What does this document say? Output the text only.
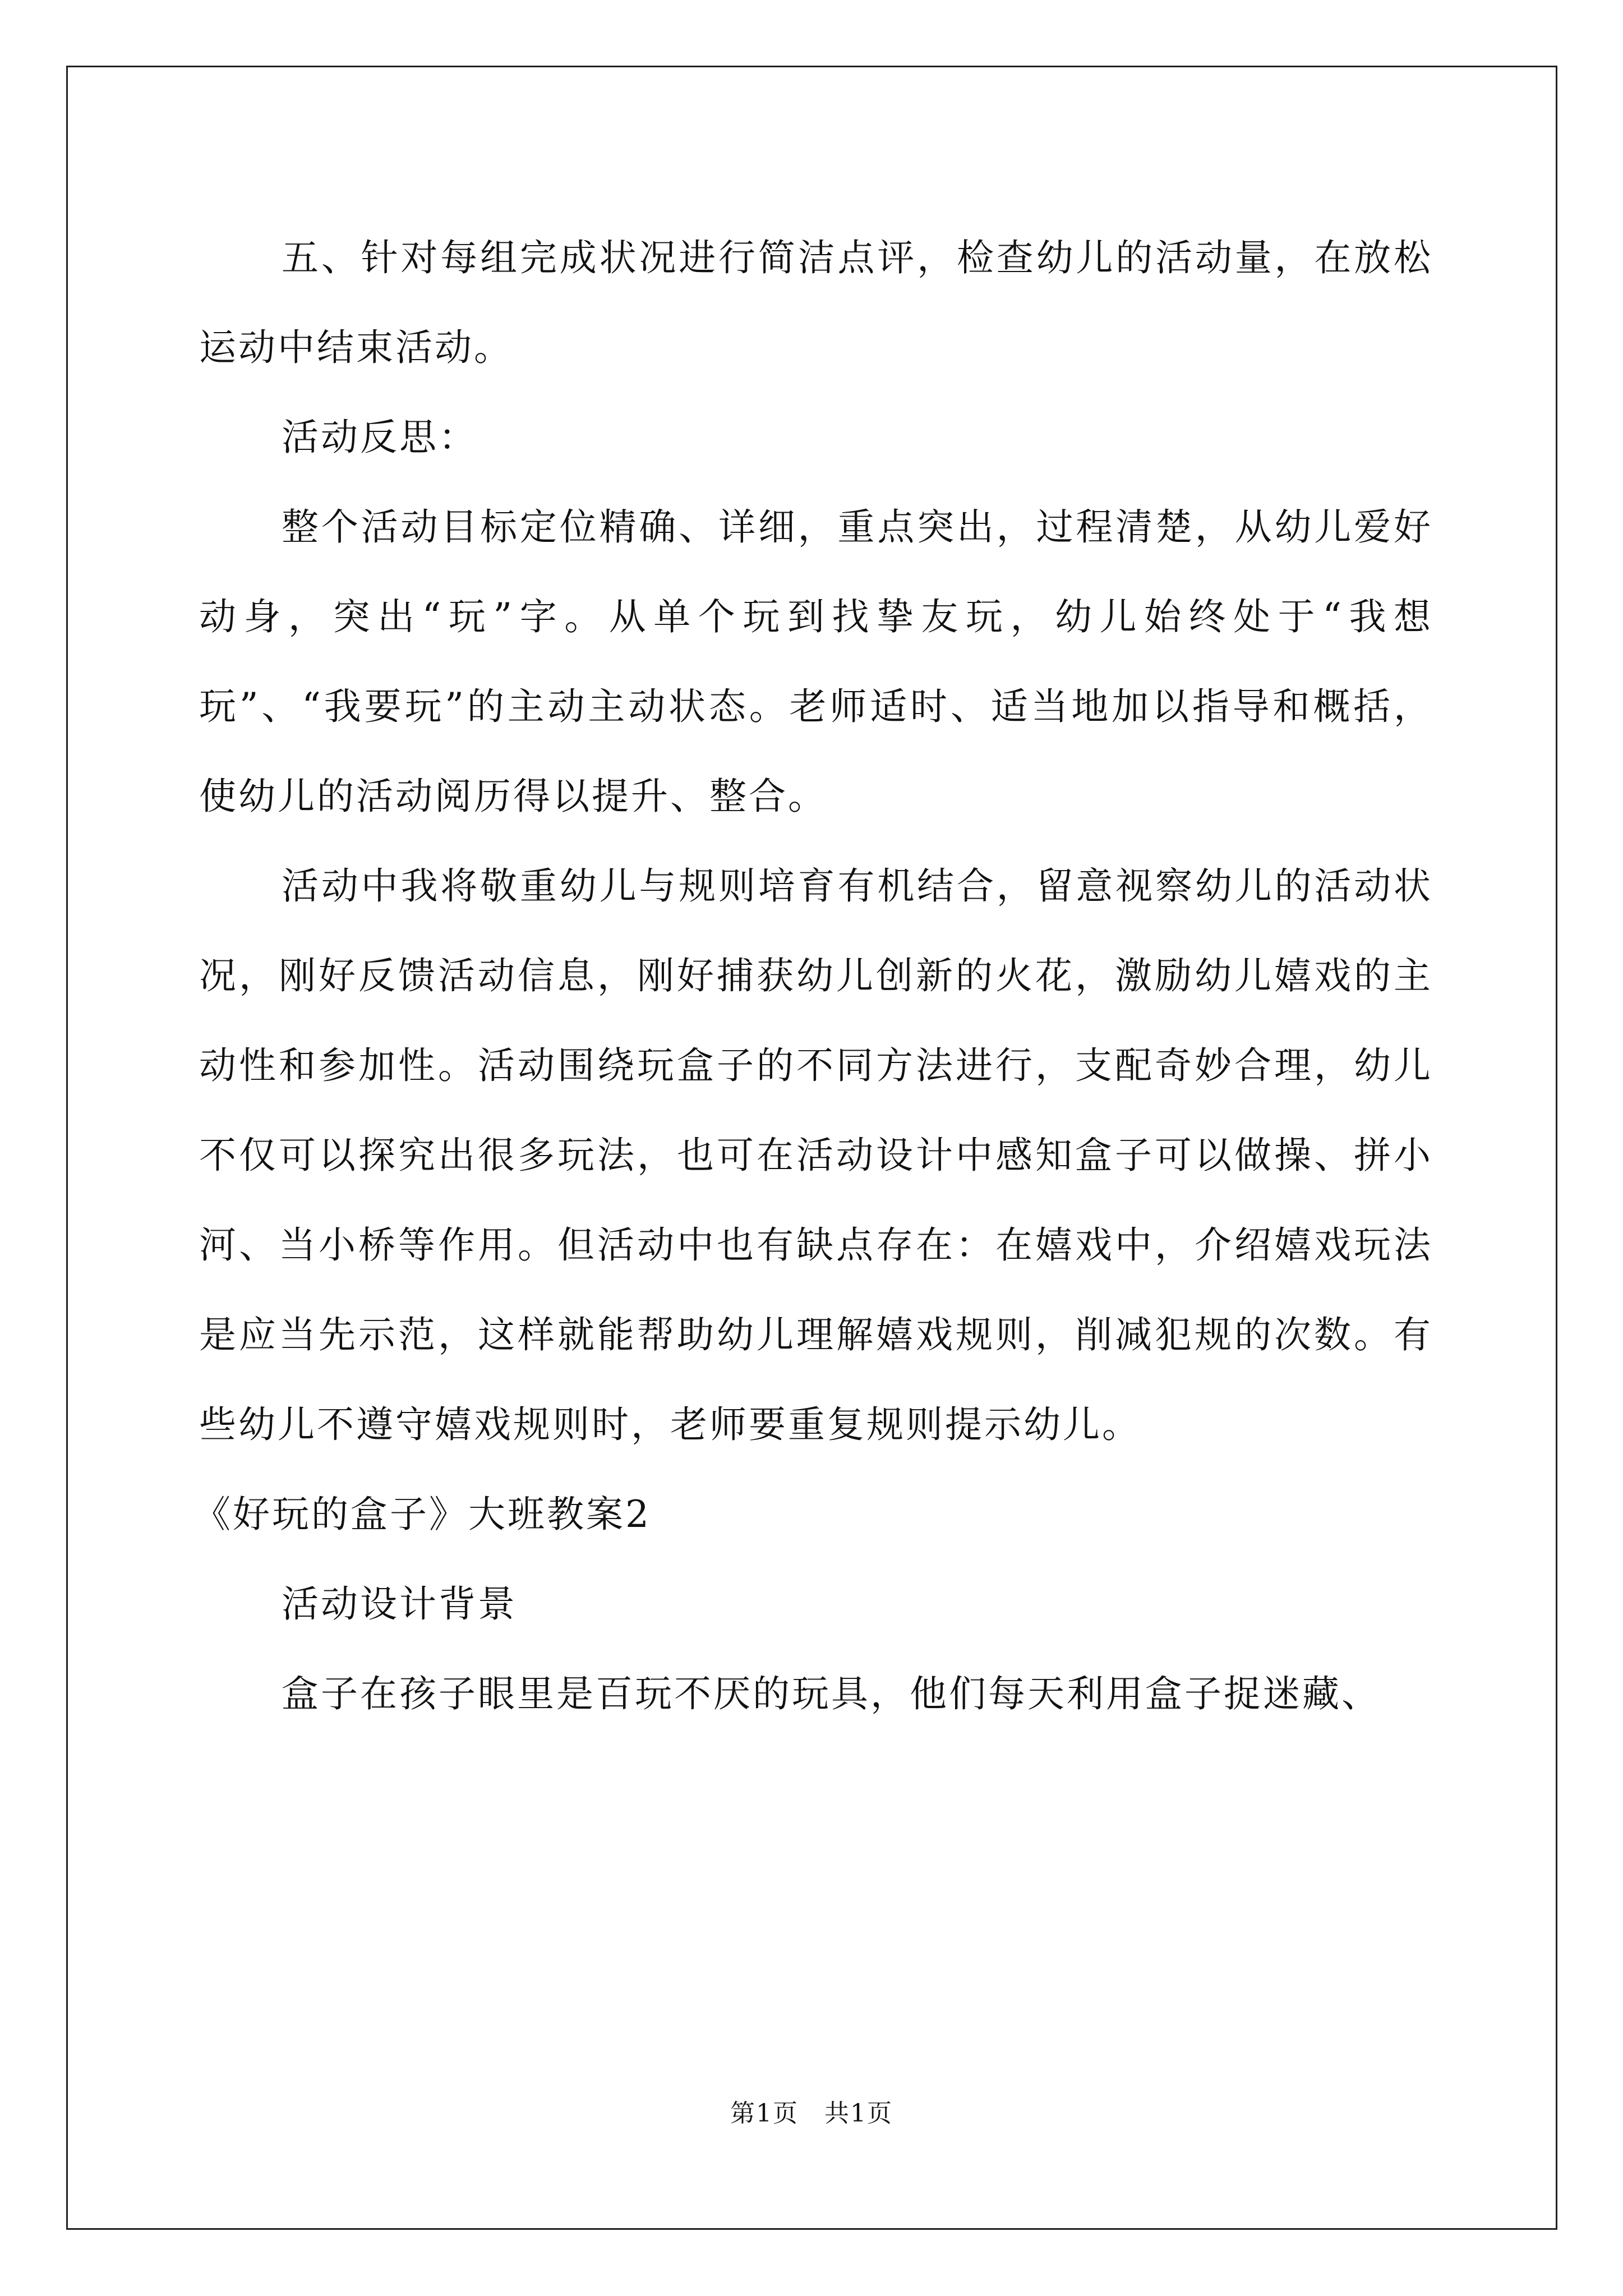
五、针对每组完成状况进行简洁点评，检查幼儿的活动量，在放松运动中结束活动。

活动反思：

整个活动目标定位精确、详细，重点突出，过程清楚，从幼儿爱好动身，突出“玩”字。从单个玩到找挚友玩，幼儿始终处于“我想玩”、“我要玩”的主动主动状态。老师适时、适当地加以指导和概括，使幼儿的活动阅历得以提升、整合。

活动中我将敬重幼儿与规则培育有机结合，留意视察幼儿的活动状况，刚好反馈活动信息，刚好捕获幼儿创新的火花，激励幼儿嬉戏的主动性和参加性。活动围绕玩盒子的不同方法进行，支配奇妙合理，幼儿不仅可以探究出很多玩法，也可在活动设计中感知盒子可以做操、拼小河、当小桥等作用。但活动中也有缺点存在：在嬉戏中，介绍嬉戏玩法是应当先示范，这样就能帮助幼儿理解嬉戏规则，削减犯规的次数。有些幼儿不遵守嬉戏规则时，老师要重复规则提示幼儿。

《好玩的盒子》大班教案2

活动设计背景

盒子在孩子眼里是百玩不厌的玩具，他们每天利用盒子捉迷藏、

第1页 共1页
